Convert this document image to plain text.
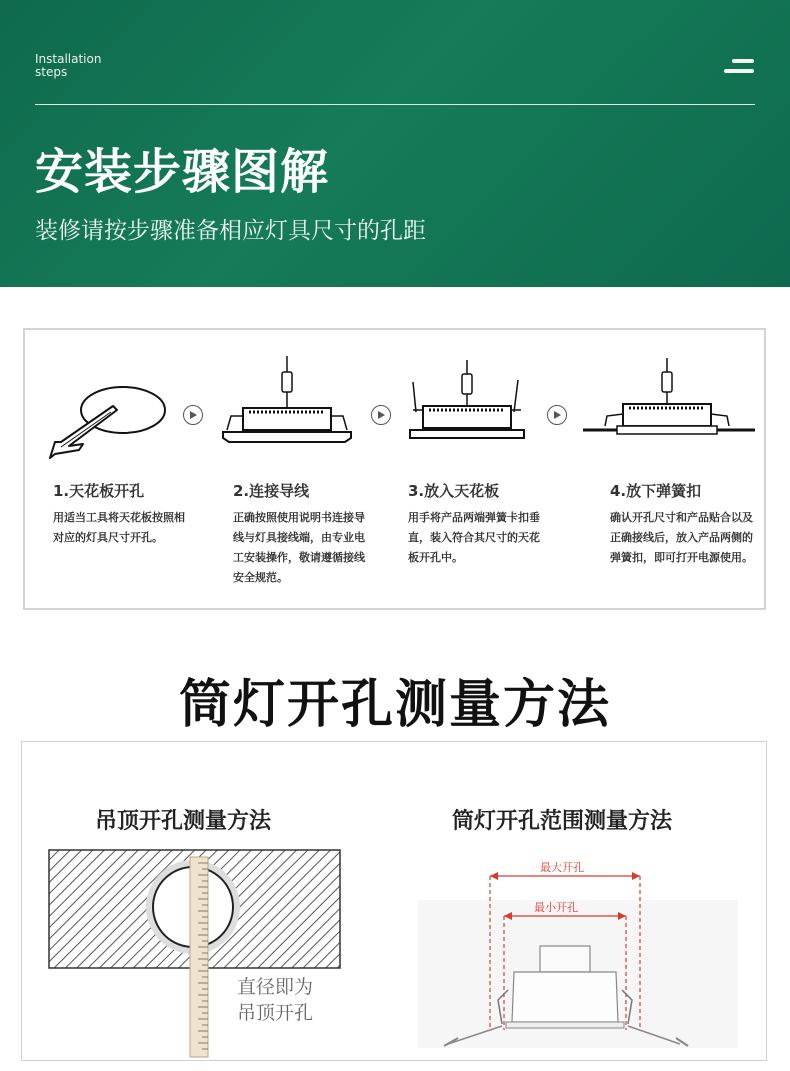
Installation
steps
安装步骤图解
装修请按步骤准备相应灯具尺寸的孔距
1.天花板开孔
用适当工具将天花板按照相对应的灯具尺寸开孔。
2.连接导线
正确按照使用说明书连接导线与灯具接线端，由专业电工安装操作，敬请遵循接线安全规范。
3.放入天花板
用手将产品两端弹簧卡扣垂直，装入符合其尺寸的天花板开孔中。
4.放下弹簧扣
确认开孔尺寸和产品贴合以及正确接线后，放入产品两侧的弹簧扣，即可打开电源使用。
筒灯开孔测量方法
吊顶开孔测量方法	筒灯开孔范围测量方法
直径即为
吊顶开孔
最大开孔
最小开孔
